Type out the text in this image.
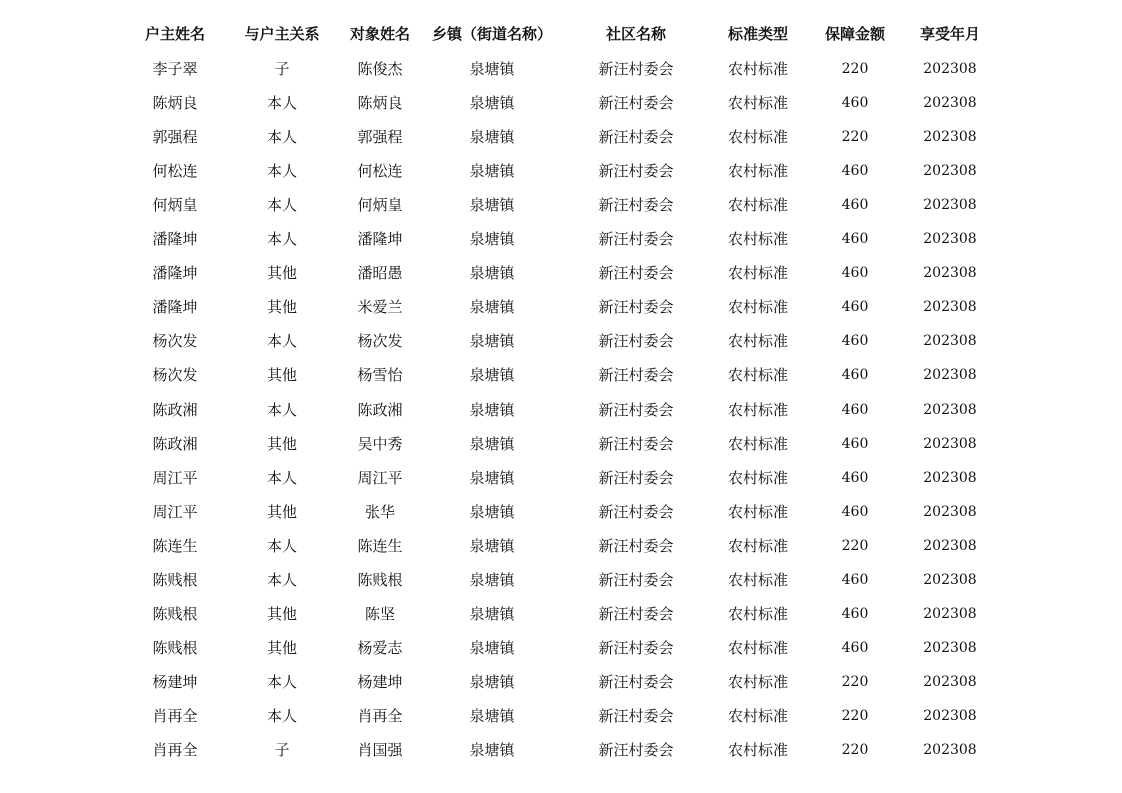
户主姓名	与户主关系	对象姓名	乡镇（街道名称）	社区名称	标准类型	保障金额	享受年月
李子翠	子	陈俊杰	泉塘镇	新汪村委会	农村标准	220	202308
陈炳良	本人	陈炳良	泉塘镇	新汪村委会	农村标准	460	202308
郭强程	本人	郭强程	泉塘镇	新汪村委会	农村标准	220	202308
何松连	本人	何松连	泉塘镇	新汪村委会	农村标准	460	202308
何炳皇	本人	何炳皇	泉塘镇	新汪村委会	农村标准	460	202308
潘隆坤	本人	潘隆坤	泉塘镇	新汪村委会	农村标准	460	202308
潘隆坤	其他	潘昭愚	泉塘镇	新汪村委会	农村标准	460	202308
潘隆坤	其他	米爱兰	泉塘镇	新汪村委会	农村标准	460	202308
杨次发	本人	杨次发	泉塘镇	新汪村委会	农村标准	460	202308
杨次发	其他	杨雪怡	泉塘镇	新汪村委会	农村标准	460	202308
陈政湘	本人	陈政湘	泉塘镇	新汪村委会	农村标准	460	202308
陈政湘	其他	吴中秀	泉塘镇	新汪村委会	农村标准	460	202308
周江平	本人	周江平	泉塘镇	新汪村委会	农村标准	460	202308
周江平	其他	张华	泉塘镇	新汪村委会	农村标准	460	202308
陈连生	本人	陈连生	泉塘镇	新汪村委会	农村标准	220	202308
陈贱根	本人	陈贱根	泉塘镇	新汪村委会	农村标准	460	202308
陈贱根	其他	陈坚	泉塘镇	新汪村委会	农村标准	460	202308
陈贱根	其他	杨爱志	泉塘镇	新汪村委会	农村标准	460	202308
杨建坤	本人	杨建坤	泉塘镇	新汪村委会	农村标准	220	202308
肖再全	本人	肖再全	泉塘镇	新汪村委会	农村标准	220	202308
肖再全	子	肖国强	泉塘镇	新汪村委会	农村标准	220	202308
